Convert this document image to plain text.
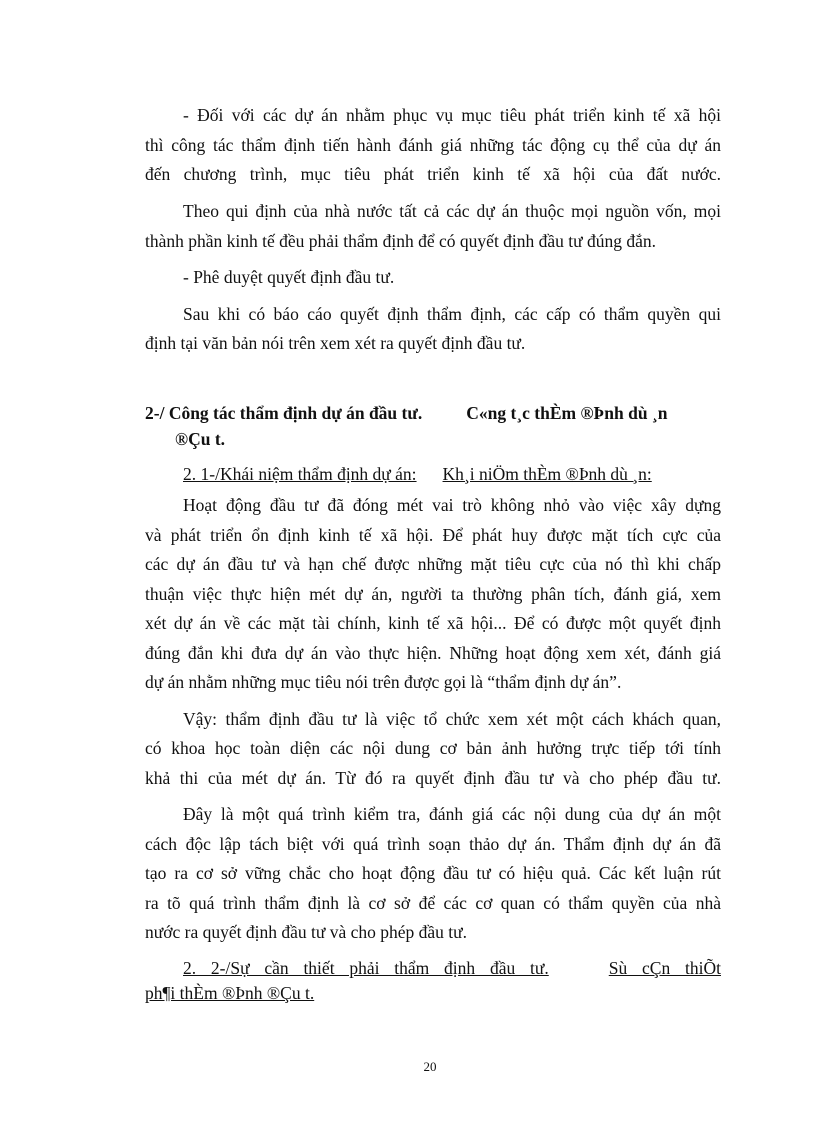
- Đối với các dự án nhằm phục vụ mục tiêu phát triển kinh tế xã hội
thì công tác thẩm định tiến hành đánh giá những tác động cụ thể của dự án
đến chương trình, mục tiêu phát triển kinh tế xã hội của đất nước.
Theo qui định của nhà nước tất cả các dự án thuộc mọi nguồn vốn, mọi
thành phần kinh tế đều phải thẩm định để có quyết định đầu tư đúng đắn.
- Phê duyệt quyết định đầu tư.
Sau khi có báo cáo quyết định thẩm định, các cấp có thẩm quyền qui
định tại văn bản nói trên xem xét ra quyết định đầu tư.
2-/ Công tác thẩm định dự án đầu tư.	C«ng t¸c thÈm ®Þnh dù ¸n
®Çu t.
2. 1-/Khái niệm thẩm định dự án: Kh¸i niÖm thÈm ®Þnh dù ¸n:
Hoạt động đầu tư đã đóng mét vai trò không nhỏ vào việc xây dựng
và phát triển ổn định kinh tế xã hội. Để phát huy được mặt tích cực của
các dự án đầu tư và hạn chế được những mặt tiêu cực của nó thì khi chấp
thuận việc thực hiện mét dự án, người ta thường phân tích, đánh giá, xem
xét dự án về các mặt tài chính, kinh tế xã hội... Để có được một quyết định
đúng đắn khi đưa dự án vào thực hiện. Những hoạt động xem xét, đánh giá
dự án nhằm những mục tiêu nói trên được gọi là “thẩm định dự án”.
Vậy: thẩm định đầu tư là việc tổ chức xem xét một cách khách quan,
có khoa học toàn diện các nội dung cơ bản ảnh hưởng trực tiếp tới tính
khả thi của mét dự án. Từ đó ra quyết định đầu tư và cho phép đầu tư.
Đây là một quá trình kiểm tra, đánh giá các nội dung của dự án một
cách độc lập tách biệt với quá trình soạn thảo dự án. Thẩm định dự án đã
tạo ra cơ sở vững chắc cho hoạt động đầu tư có hiệu quả. Các kết luận rút
ra tõ quá trình thẩm định là cơ sở để các cơ quan có thẩm quyền của nhà
nước ra quyết định đầu tư và cho phép đầu tư.
2. 2-/Sự cần thiết phải thẩm định đầu tư.	Sù cÇn thiÕt
ph¶i thÈm ®Þnh ®Çu t.
20
